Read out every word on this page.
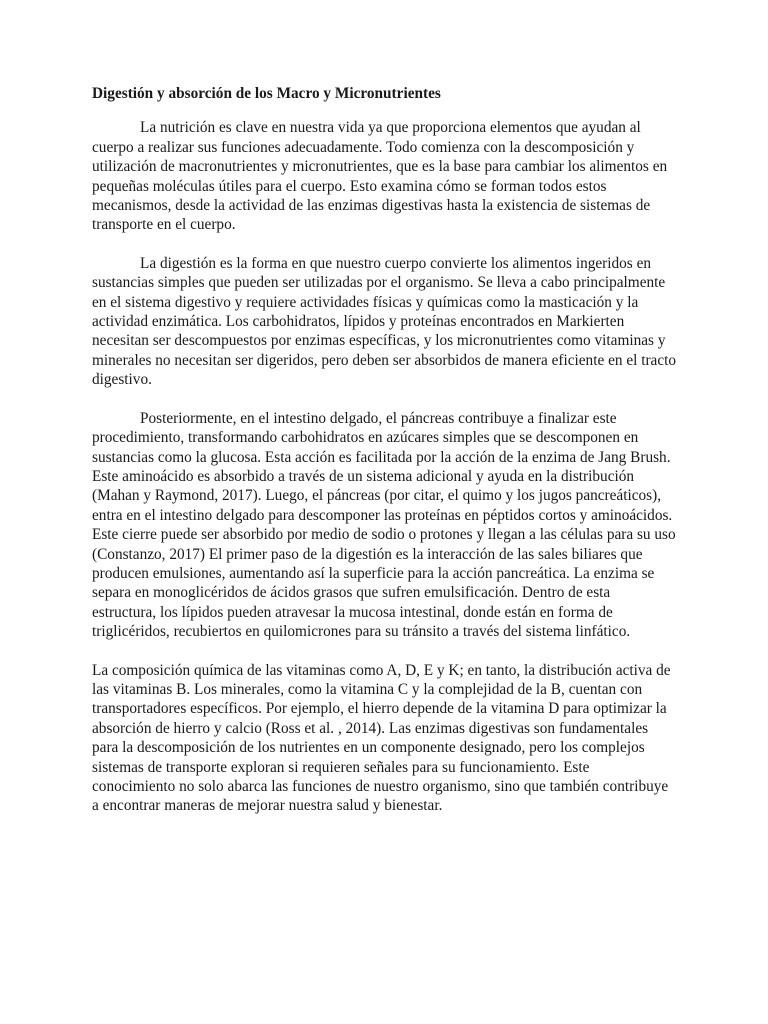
Digestión y absorción de los Macro y Micronutrientes

La nutrición es clave en nuestra vida ya que proporciona elementos que ayudan al cuerpo a realizar sus funciones adecuadamente. Todo comienza con la descomposición y utilización de macronutrientes y micronutrientes, que es la base para cambiar los alimentos en pequeñas moléculas útiles para el cuerpo. Esto examina cómo se forman todos estos mecanismos, desde la actividad de las enzimas digestivas hasta la existencia de sistemas de transporte en el cuerpo.

La digestión es la forma en que nuestro cuerpo convierte los alimentos ingeridos en sustancias simples que pueden ser utilizadas por el organismo. Se lleva a cabo principalmente en el sistema digestivo y requiere actividades físicas y químicas como la masticación y la actividad enzimática. Los carbohidratos, lípidos y proteínas encontrados en Markierten necesitan ser descompuestos por enzimas específicas, y los micronutrientes como vitaminas y minerales no necesitan ser digeridos, pero deben ser absorbidos de manera eficiente en el tracto digestivo.

Posteriormente, en el intestino delgado, el páncreas contribuye a finalizar este procedimiento, transformando carbohidratos en azúcares simples que se descomponen en sustancias como la glucosa. Esta acción es facilitada por la acción de la enzima de Jang Brush. Este aminoácido es absorbido a través de un sistema adicional y ayuda en la distribución (Mahan y Raymond, 2017). Luego, el páncreas (por citar, el quimo y los jugos pancreáticos), entra en el intestino delgado para descomponer las proteínas en péptidos cortos y aminoácidos. Este cierre puede ser absorbido por medio de sodio o protones y llegan a las células para su uso (Constanzo, 2017) El primer paso de la digestión es la interacción de las sales biliares que producen emulsiones, aumentando así la superficie para la acción pancreática. La enzima se separa en monoglicéridos de ácidos grasos que sufren emulsificación. Dentro de esta estructura, los lípidos pueden atravesar la mucosa intestinal, donde están en forma de triglicéridos, recubiertos en quilomicrones para su tránsito a través del sistema linfático.

La composición química de las vitaminas como A, D, E y K; en tanto, la distribución activa de las vitaminas B. Los minerales, como la vitamina C y la complejidad de la B, cuentan con transportadores específicos. Por ejemplo, el hierro depende de la vitamina D para optimizar la absorción de hierro y calcio (Ross et al. , 2014). Las enzimas digestivas son fundamentales para la descomposición de los nutrientes en un componente designado, pero los complejos sistemas de transporte exploran si requieren señales para su funcionamiento. Este conocimiento no solo abarca las funciones de nuestro organismo, sino que también contribuye a encontrar maneras de mejorar nuestra salud y bienestar.
